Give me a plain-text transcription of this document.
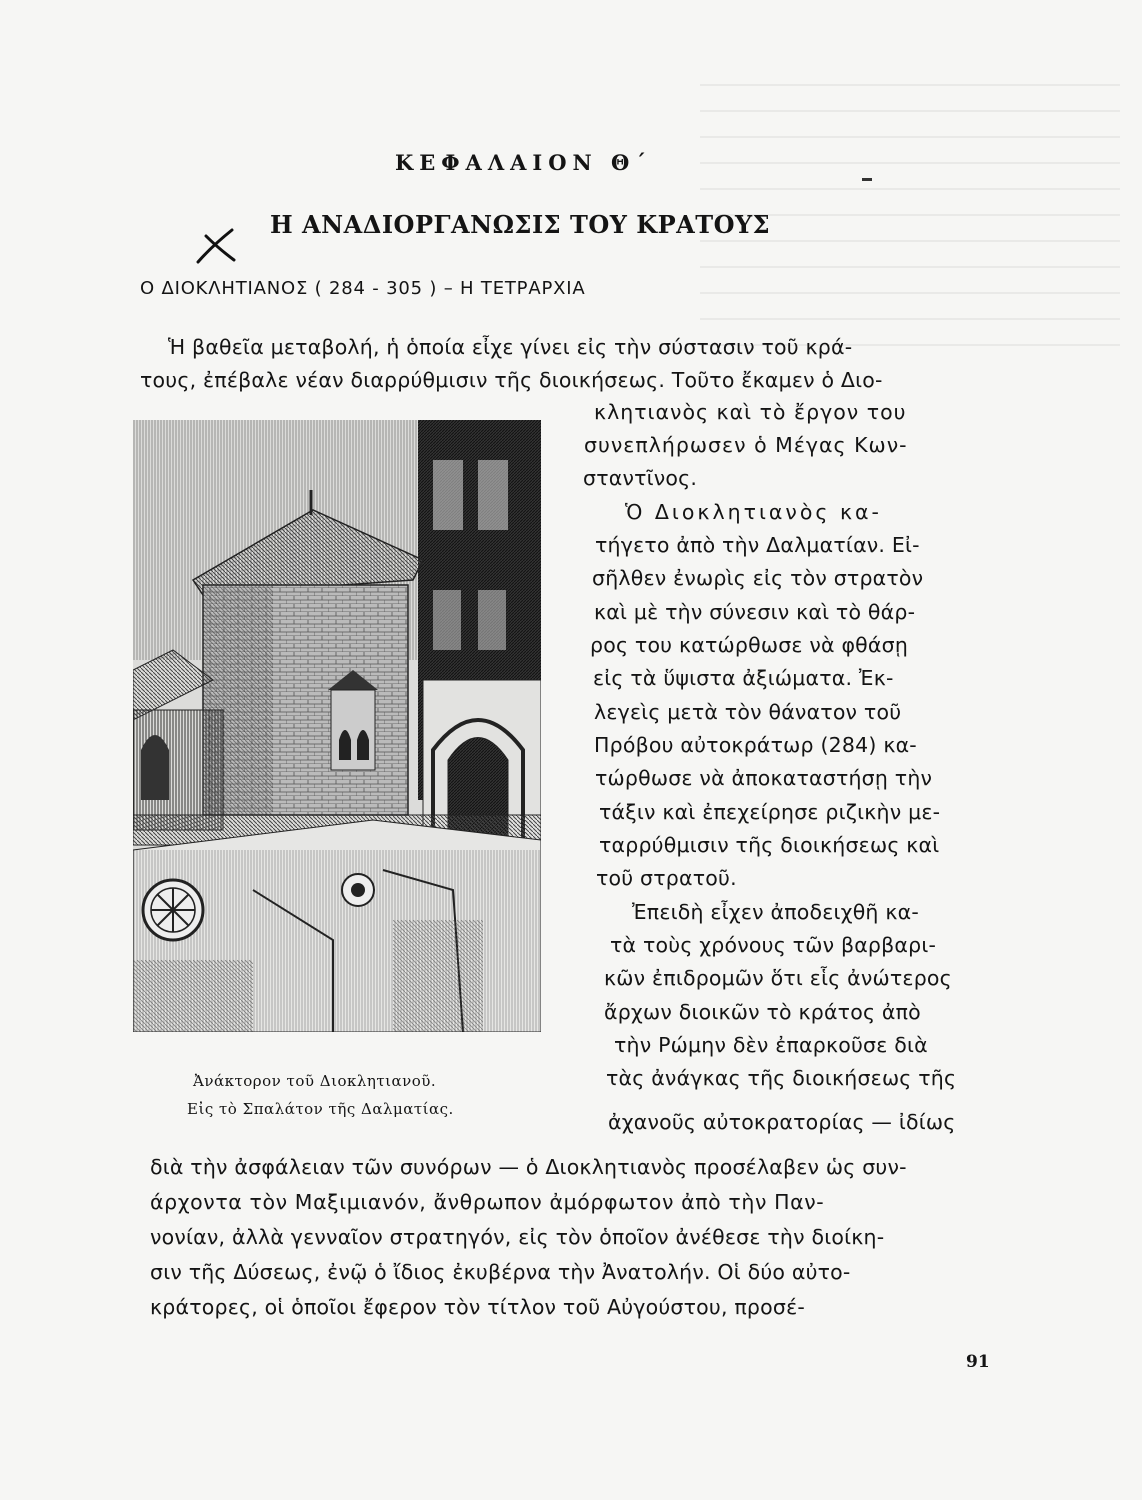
ΚΕΦΑΛΑΙΟΝ Θ΄
Η ΑΝΑΔΙΟΡΓΑΝΩΣΙΣ ΤΟΥ ΚΡΑΤΟΥΣ
Ο ΔΙΟΚΛΗΤΙΑΝΟΣ ( 284 - 305 ) – Η ΤΕΤΡΑΡΧΙΑ
Ἡ βαθεῖα μεταβολή, ἡ ὁποία εἶχε γίνει εἰς τὴν σύστασιν τοῦ κρά-
τους, ἐπέβαλε νέαν διαρρύθμισιν τῆς διοικήσεως. Τοῦτο ἔκαμεν ὁ Διο-
κλητιανὸς καὶ τὸ ἔργον του
συνεπλήρωσεν ὁ Μέγας Κων-
σταντῖνος.
Ὁ Διοκλητιανὸς κα-
τήγετο ἀπὸ τὴν Δαλματίαν. Εἰ-
σῆλθεν ἐνωρὶς εἰς τὸν στρατὸν
καὶ μὲ τὴν σύνεσιν καὶ τὸ θάρ-
ρος του κατώρθωσε νὰ φθάσῃ
εἰς τὰ ὕψιστα ἀξιώματα. Ἐκ-
λεγεὶς μετὰ τὸν θάνατον τοῦ
Πρόβου αὐτοκράτωρ (284) κα-
τώρθωσε νὰ ἀποκαταστήσῃ τὴν
τάξιν καὶ ἐπεχείρησε ριζικὴν με-
ταρρύθμισιν τῆς διοικήσεως καὶ
τοῦ στρατοῦ.
Ἐπειδὴ εἶχεν ἀποδειχθῆ κα-
τὰ τοὺς χρόνους τῶν βαρβαρι-
κῶν ἐπιδρομῶν ὅτι εἷς ἀνώτερος
ἄρχων διοικῶν τὸ κράτος ἀπὸ
τὴν Ρώμην δὲν ἐπαρκοῦσε διὰ
τὰς ἀνάγκας τῆς διοικήσεως τῆς
ἀχανοῦς αὐτοκρατορίας — ἰδίως
Ἀνάκτορον τοῦ Διοκλητιανοῦ.
Εἰς τὸ Σπαλάτον τῆς Δαλματίας.
διὰ τὴν ἀσφάλειαν τῶν συνόρων — ὁ Διοκλητιανὸς προσέλαβεν ὡς συν-
άρχοντα τὸν Μαξιμιανόν, ἄνθρωπον ἀμόρφωτον ἀπὸ τὴν Παν-
νονίαν, ἀλλὰ γενναῖον στρατηγόν, εἰς τὸν ὁποῖον ἀνέθεσε τὴν διοίκη-
σιν τῆς Δύσεως, ἐνῷ ὁ ἴδιος ἐκυβέρνα τὴν Ἀνατολήν. Οἱ δύο αὐτο-
κράτορες, οἱ ὁποῖοι ἔφερον τὸν τίτλον τοῦ Αὐγούστου, προσέ-
91
